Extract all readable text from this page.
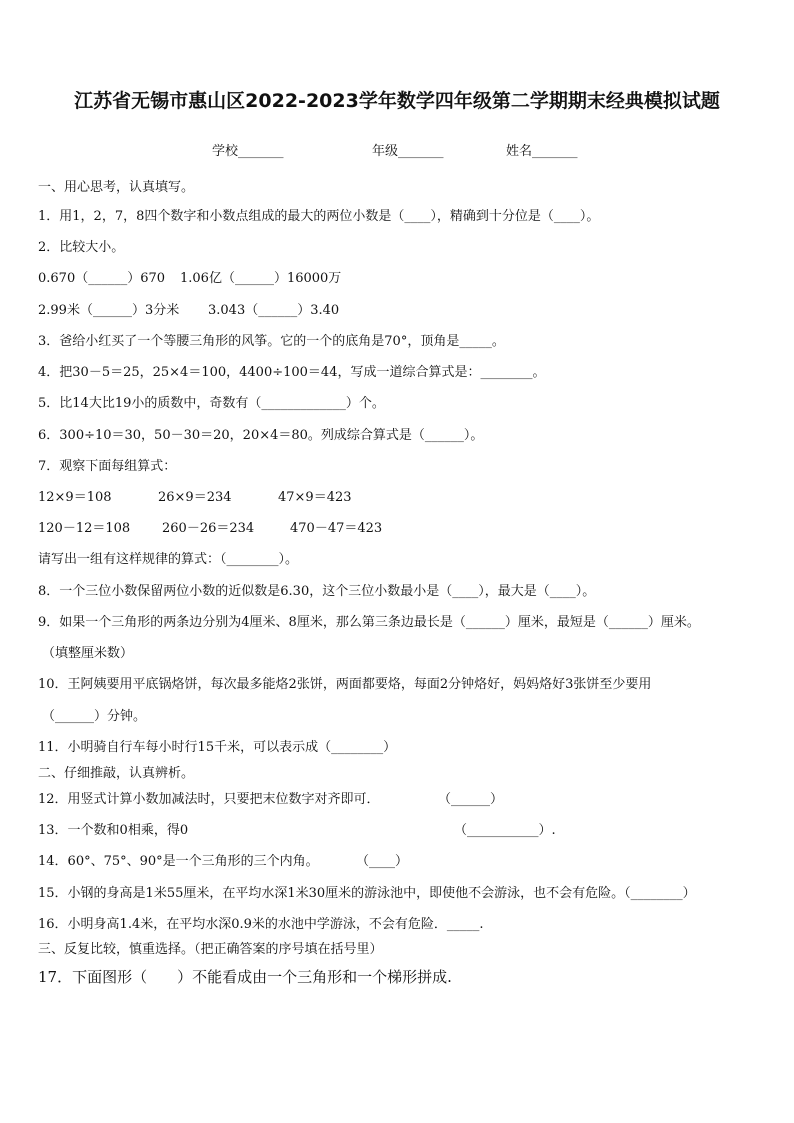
江苏省无锡市惠山区2022-2023学年数学四年级第二学期期末经典模拟试题
学校_______	年级_______	姓名_______
一、用心思考，认真填写。
1．用1，2，7，8四个数字和小数点组成的最大的两位小数是（____），精确到十分位是（____）。
2．比较大小。
0.670（______）670 1.06亿（______）16000万
2.99米（______）3分米 3.043（______）3.40
3．爸给小红买了一个等腰三角形的风筝。它的一个的底角是70°，顶角是_____。
4．把30－5＝25，25×4＝100，4400÷100＝44，写成一道综合算式是：________。
5．比14大比19小的质数中，奇数有（_____________）个。
6．300÷10＝30，50－30＝20，20×4＝80。列成综合算式是（______）。
7．观察下面每组算式：
12×9＝108	26×9＝234	47×9＝423
120－12＝108 260－26＝234	470－47＝423
请写出一组有这样规律的算式：（________）。
8．一个三位小数保留两位小数的近似数是6.30，这个三位小数最小是（____），最大是（____）。
9．如果一个三角形的两条边分别为4厘米、8厘米，那么第三条边最长是（______）厘米，最短是（______）厘米。
（填整厘米数）
10．王阿姨要用平底锅烙饼，每次最多能烙2张饼，两面都要烙，每面2分钟烙好，妈妈烙好3张饼至少要用
（______）分钟。
11．小明骑自行车每小时行15千米，可以表示成（________）
二、仔细推敲，认真辨析。
12．用竖式计算小数加减法时，只要把末位数字对齐即可．	（______）
13．一个数和0相乘，得0	（___________）.
14．60°、75°、90°是一个三角形的三个内角。	（____）
15．小钢的身高是1米55厘米，在平均水深1米30厘米的游泳池中，即使他不会游泳，也不会有危险。（________）
16．小明身高1.4米，在平均水深0.9米的水池中学游泳，不会有危险．_____.
三、反复比较，慎重选择。（把正确答案的序号填在括号里）
17．下面图形（　　）不能看成由一个三角形和一个梯形拼成.
